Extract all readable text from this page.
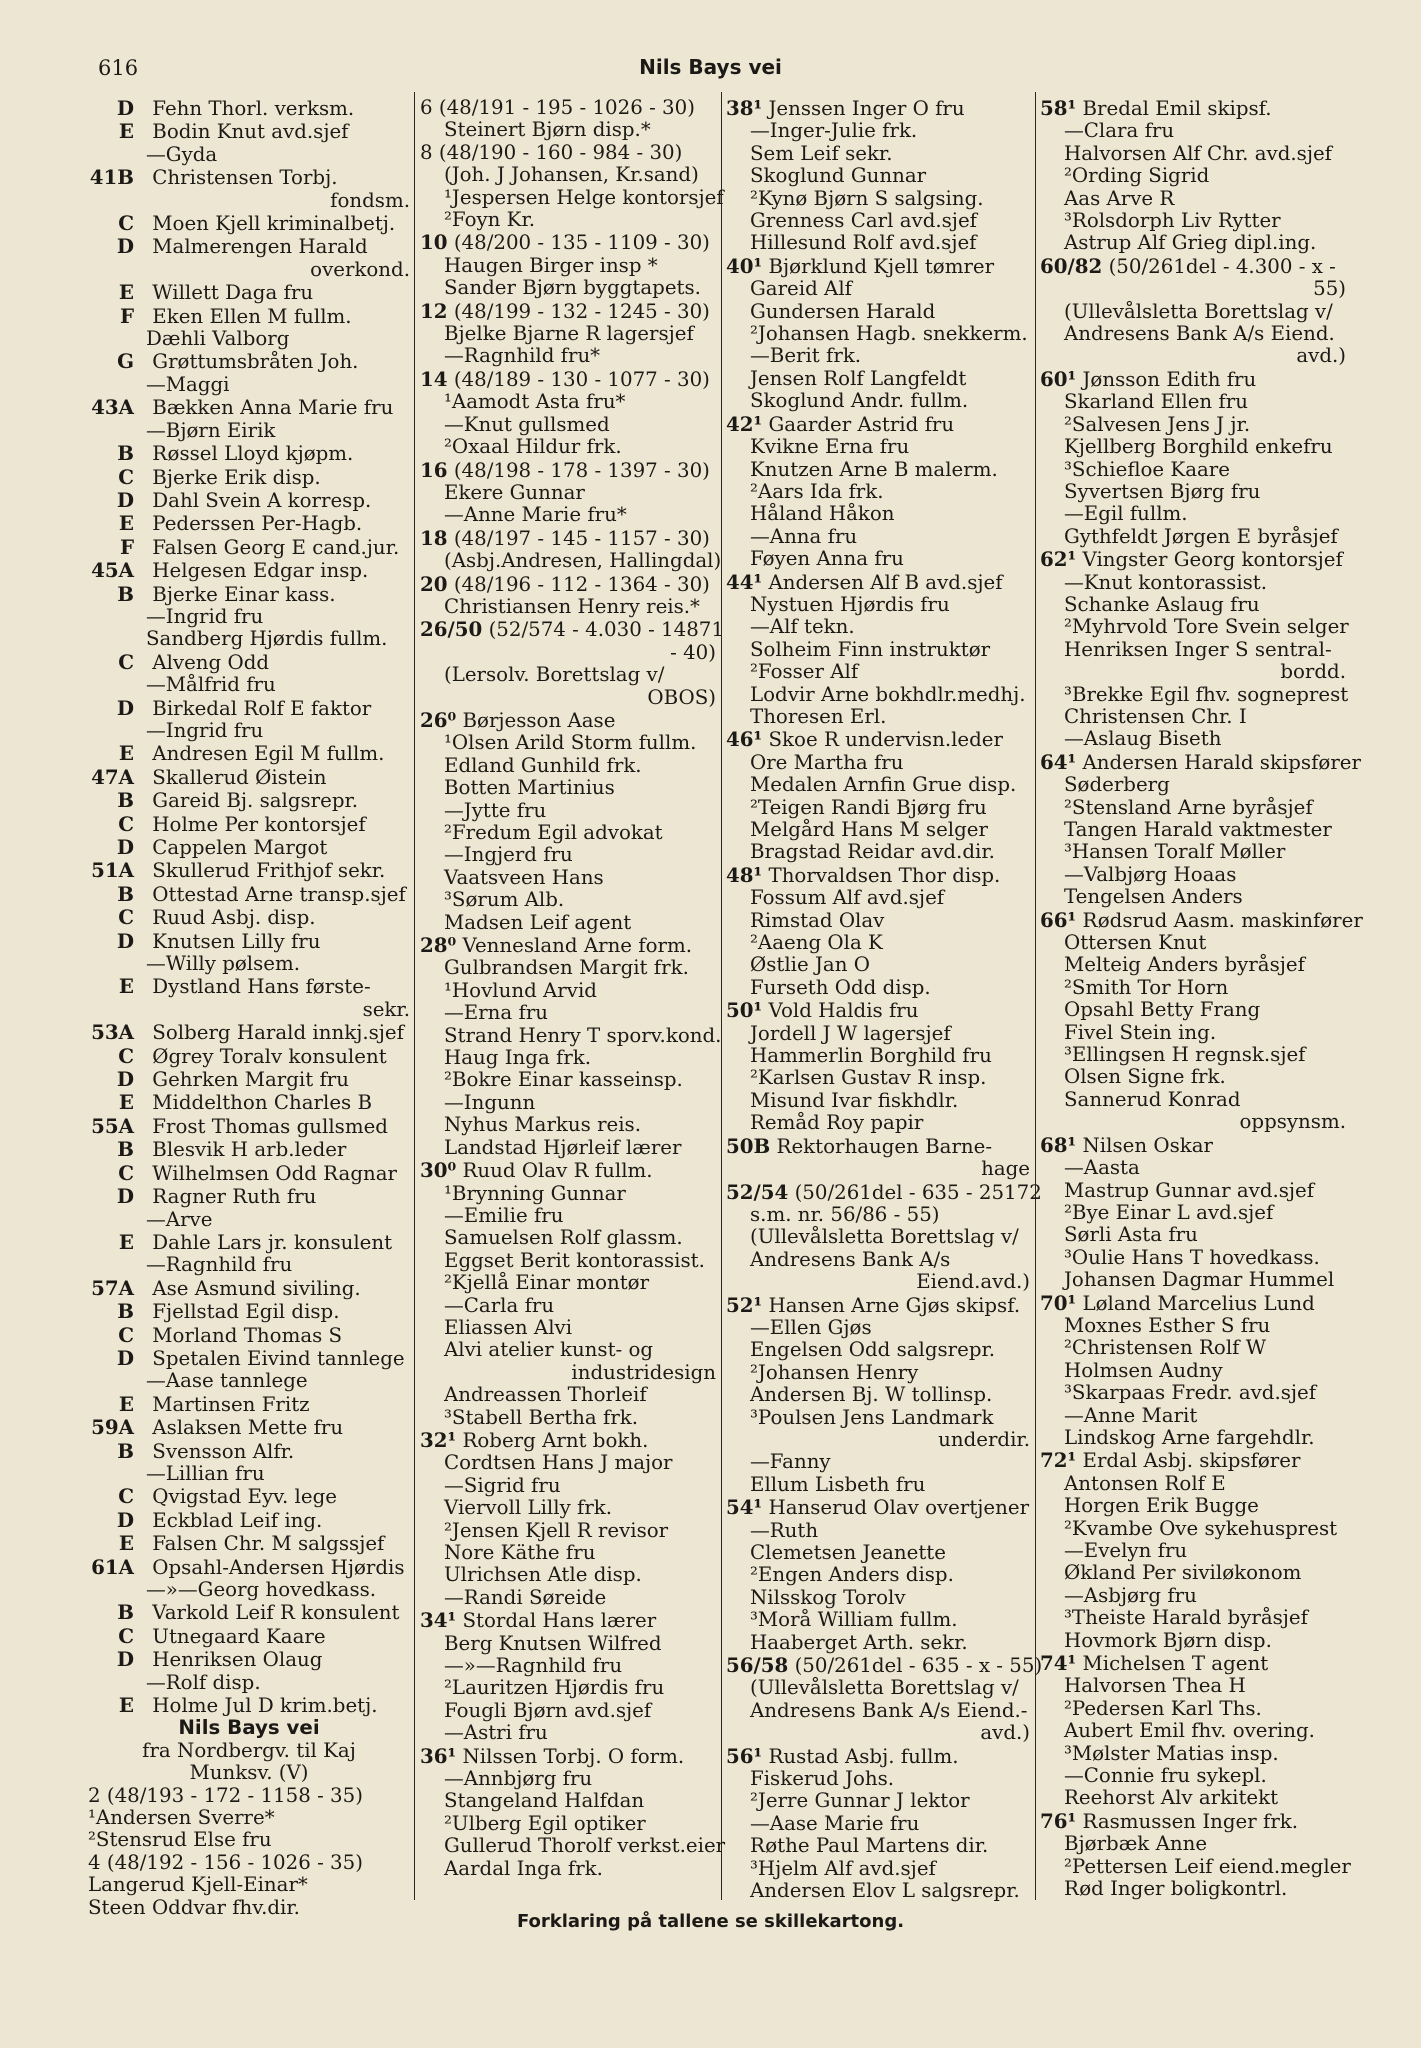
616	Nils Bays vei
D Fehn Thorl. verksm.
E Bodin Knut avd.sjef
—Gyda
41B Christensen Torbj.
fondsm.
C Moen Kjell kriminalbetj.
D Malmerengen Harald
overkond.
E Willett Daga fru
F Eken Ellen M fullm.
Dæhli Valborg
G Grøttumsbråten Joh.
—Maggi
43A Bækken Anna Marie fru
—Bjørn Eirik
B Røssel Lloyd kjøpm.
C Bjerke Erik disp.
D Dahl Svein A korresp.
E Pederssen Per-Hagb.
F Falsen Georg E cand.jur.
45A Helgesen Edgar insp.
B Bjerke Einar kass.
—Ingrid fru
Sandberg Hjørdis fullm.
C Alveng Odd
—Målfrid fru
D Birkedal Rolf E faktor
—Ingrid fru
E Andresen Egil M fullm.
47A Skallerud Øistein
B Gareid Bj. salgsrepr.
C Holme Per kontorsjef
D Cappelen Margot
51A Skullerud Frithjof sekr.
B Ottestad Arne transp.sjef
C Ruud Asbj. disp.
D Knutsen Lilly fru
—Willy pølsem.
E Dystland Hans første-
sekr.
53A Solberg Harald innkj.sjef
C Øgrey Toralv konsulent
D Gehrken Margit fru
E Middelthon Charles B
55A Frost Thomas gullsmed
B Blesvik H arb.leder
C Wilhelmsen Odd Ragnar
D Ragner Ruth fru
—Arve
E Dahle Lars jr. konsulent
—Ragnhild fru
57A Ase Asmund siviling.
B Fjellstad Egil disp.
C Morland Thomas S
D Spetalen Eivind tannlege
—Aase tannlege
E Martinsen Fritz
59A Aslaksen Mette fru
B Svensson Alfr.
—Lillian fru
C Qvigstad Eyv. lege
D Eckblad Leif ing.
E Falsen Chr. M salgssjef
61A Opsahl-Andersen Hjørdis
—»—Georg hovedkass.
B Varkold Leif R konsulent
C Utnegaard Kaare
D Henriksen Olaug
—Rolf disp.
E Holme Jul D krim.betj.
Nils Bays vei
fra Nordbergv. til Kaj
Munksv. (V)
2 (48/193 - 172 - 1158 - 35)
¹Andersen Sverre*
²Stensrud Else fru
4 (48/192 - 156 - 1026 - 35)
Langerud Kjell-Einar*
Steen Oddvar fhv.dir.
6 (48/191 - 195 - 1026 - 30)
Steinert Bjørn disp.*
8 (48/190 - 160 - 984 - 30)
(Joh. J Johansen, Kr.sand)
¹Jespersen Helge kontorsjef
²Foyn Kr.
10 (48/200 - 135 - 1109 - 30)
Haugen Birger insp *
Sander Bjørn byggtapets.
12 (48/199 - 132 - 1245 - 30)
Bjelke Bjarne R lagersjef
—Ragnhild fru*
14 (48/189 - 130 - 1077 - 30)
¹Aamodt Asta fru*
—Knut gullsmed
²Oxaal Hildur frk.
16 (48/198 - 178 - 1397 - 30)
Ekere Gunnar
—Anne Marie fru*
18 (48/197 - 145 - 1157 - 30)
(Asbj.Andresen, Hallingdal)
20 (48/196 - 112 - 1364 - 30)
Christiansen Henry reis.*
26/50 (52/574 - 4.030 - 14871
- 40)
(Lersolv. Borettslag v/
OBOS)
26⁰ Børjesson Aase
¹Olsen Arild Storm fullm.
Edland Gunhild frk.
Botten Martinius
—Jytte fru
²Fredum Egil advokat
—Ingjerd fru
Vaatsveen Hans
³Sørum Alb.
Madsen Leif agent
28⁰ Vennesland Arne form.
Gulbrandsen Margit frk.
¹Hovlund Arvid
—Erna fru
Strand Henry T sporv.kond.
Haug Inga frk.
²Bokre Einar kasseinsp.
—Ingunn
Nyhus Markus reis.
Landstad Hjørleif lærer
30⁰ Ruud Olav R fullm.
¹Brynning Gunnar
—Emilie fru
Samuelsen Rolf glassm.
Eggset Berit kontorassist.
²Kjellå Einar montør
—Carla fru
Eliassen Alvi
Alvi atelier kunst- og
industridesign
Andreassen Thorleif
³Stabell Bertha frk.
32¹ Roberg Arnt bokh.
Cordtsen Hans J major
—Sigrid fru
Viervoll Lilly frk.
²Jensen Kjell R revisor
Nore Käthe fru
Ulrichsen Atle disp.
—Randi Søreide
34¹ Stordal Hans lærer
Berg Knutsen Wilfred
—»—Ragnhild fru
²Lauritzen Hjørdis fru
Fougli Bjørn avd.sjef
—Astri fru
36¹ Nilssen Torbj. O form.
—Annbjørg fru
Stangeland Halfdan
²Ulberg Egil optiker
Gullerud Thorolf verkst.eier
Aardal Inga frk.
38¹ Jenssen Inger O fru
—Inger-Julie frk.
Sem Leif sekr.
Skoglund Gunnar
²Kynø Bjørn S salgsing.
Grenness Carl avd.sjef
Hillesund Rolf avd.sjef
40¹ Bjørklund Kjell tømrer
Gareid Alf
Gundersen Harald
²Johansen Hagb. snekkerm.
—Berit frk.
Jensen Rolf Langfeldt
Skoglund Andr. fullm.
42¹ Gaarder Astrid fru
Kvikne Erna fru
Knutzen Arne B malerm.
²Aars Ida frk.
Håland Håkon
—Anna fru
Føyen Anna fru
44¹ Andersen Alf B avd.sjef
Nystuen Hjørdis fru
—Alf tekn.
Solheim Finn instruktør
²Fosser Alf
Lodvir Arne bokhdlr.medhj.
Thoresen Erl.
46¹ Skoe R undervisn.leder
Ore Martha fru
Medalen Arnfin Grue disp.
²Teigen Randi Bjørg fru
Melgård Hans M selger
Bragstad Reidar avd.dir.
48¹ Thorvaldsen Thor disp.
Fossum Alf avd.sjef
Rimstad Olav
²Aaeng Ola K
Østlie Jan O
Furseth Odd disp.
50¹ Vold Haldis fru
Jordell J W lagersjef
Hammerlin Borghild fru
²Karlsen Gustav R insp.
Misund Ivar fiskhdlr.
Remåd Roy papir
50B Rektorhaugen Barne-
hage
52/54 (50/261del - 635 - 25172
s.m. nr. 56/86 - 55)
(Ullevålsletta Borettslag v/
Andresens Bank A/s
Eiend.avd.)
52¹ Hansen Arne Gjøs skipsf.
—Ellen Gjøs
Engelsen Odd salgsrepr.
²Johansen Henry
Andersen Bj. W tollinsp.
³Poulsen Jens Landmark
underdir.
—Fanny
Ellum Lisbeth fru
54¹ Hanserud Olav overtjener
—Ruth
Clemetsen Jeanette
²Engen Anders disp.
Nilsskog Torolv
³Morå William fullm.
Haaberget Arth. sekr.
56/58 (50/261del - 635 - x - 55)
(Ullevålsletta Borettslag v/
Andresens Bank A/s Eiend.-
avd.)
56¹ Rustad Asbj. fullm.
Fiskerud Johs.
²Jerre Gunnar J lektor
—Aase Marie fru
Røthe Paul Martens dir.
³Hjelm Alf avd.sjef
Andersen Elov L salgsrepr.
58¹ Bredal Emil skipsf.
—Clara fru
Halvorsen Alf Chr. avd.sjef
²Ording Sigrid
Aas Arve R
³Rolsdorph Liv Rytter
Astrup Alf Grieg dipl.ing.
60/82 (50/261del - 4.300 - x -
55)
(Ullevålsletta Borettslag v/
Andresens Bank A/s Eiend.
avd.)
60¹ Jønsson Edith fru
Skarland Ellen fru
²Salvesen Jens J jr.
Kjellberg Borghild enkefru
³Schiefloe Kaare
Syvertsen Bjørg fru
—Egil fullm.
Gythfeldt Jørgen E byråsjef
62¹ Vingster Georg kontorsjef
—Knut kontorassist.
Schanke Aslaug fru
²Myhrvold Tore Svein selger
Henriksen Inger S sentral-
bordd.
³Brekke Egil fhv. sogneprest
Christensen Chr. I
—Aslaug Biseth
64¹ Andersen Harald skipsfører
Søderberg
²Stensland Arne byråsjef
Tangen Harald vaktmester
³Hansen Toralf Møller
—Valbjørg Hoaas
Tengelsen Anders
66¹ Rødsrud Aasm. maskinfører
Ottersen Knut
Melteig Anders byråsjef
²Smith Tor Horn
Opsahl Betty Frang
Fivel Stein ing.
³Ellingsen H regnsk.sjef
Olsen Signe frk.
Sannerud Konrad
oppsynsm.
68¹ Nilsen Oskar
—Aasta
Mastrup Gunnar avd.sjef
²Bye Einar L avd.sjef
Sørli Asta fru
³Oulie Hans T hovedkass.
Johansen Dagmar Hummel
70¹ Løland Marcelius Lund
Moxnes Esther S fru
²Christensen Rolf W
Holmsen Audny
³Skarpaas Fredr. avd.sjef
—Anne Marit
Lindskog Arne fargehdlr.
72¹ Erdal Asbj. skipsfører
Antonsen Rolf E
Horgen Erik Bugge
²Kvambe Ove sykehusprest
—Evelyn fru
Økland Per siviløkonom
—Asbjørg fru
³Theiste Harald byråsjef
Hovmork Bjørn disp.
74¹ Michelsen T agent
Halvorsen Thea H
²Pedersen Karl Ths.
Aubert Emil fhv. overing.
³Mølster Matias insp.
—Connie fru sykepl.
Reehorst Alv arkitekt
76¹ Rasmussen Inger frk.
Bjørbæk Anne
²Pettersen Leif eiend.megler
Rød Inger boligkontrl.
Forklaring på tallene se skillekartong.
